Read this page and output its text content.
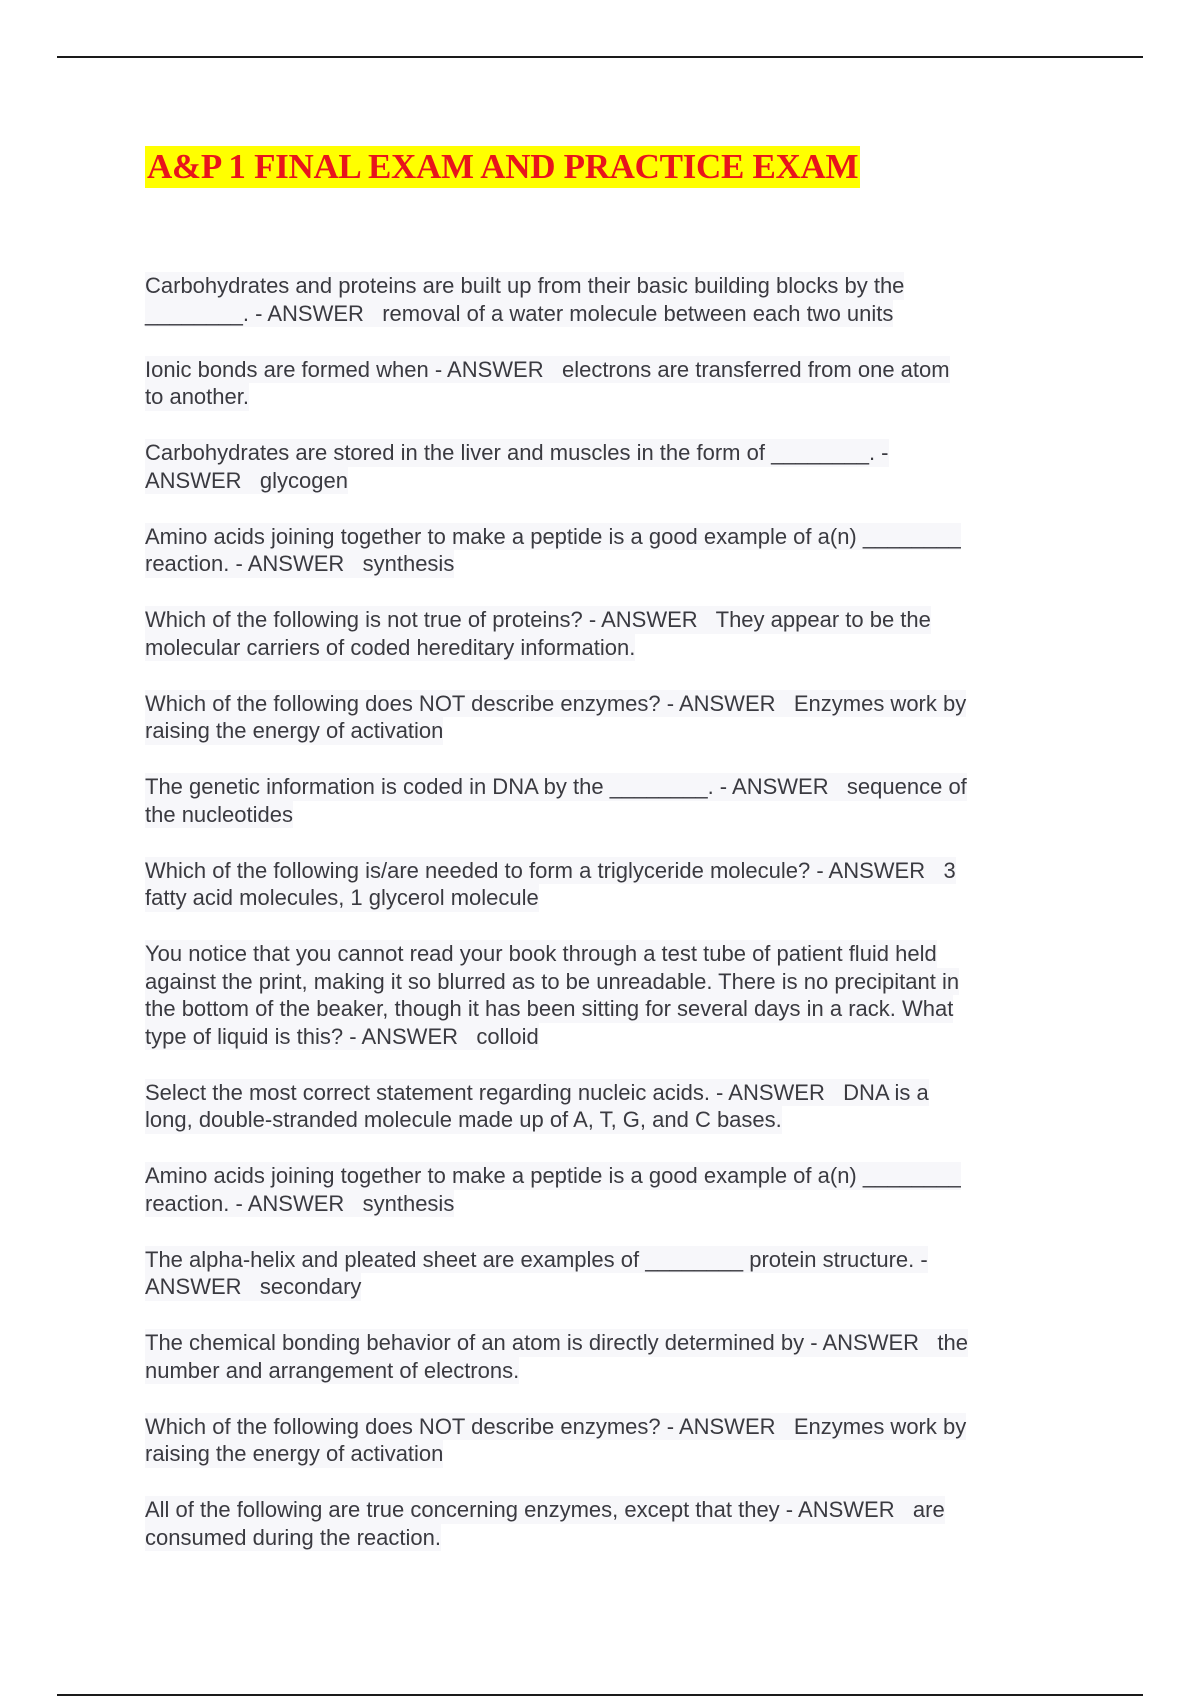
A&P 1 FINAL EXAM AND PRACTICE EXAM
Carbohydrates and proteins are built up from their basic building blocks by the
________. - ANSWER   removal of a water molecule between each two units
Ionic bonds are formed when - ANSWER   electrons are transferred from one atom
to another.
Carbohydrates are stored in the liver and muscles in the form of ________. -
ANSWER   glycogen
Amino acids joining together to make a peptide is a good example of a(n) ________
reaction. - ANSWER   synthesis
Which of the following is not true of proteins? - ANSWER   They appear to be the
molecular carriers of coded hereditary information.
Which of the following does NOT describe enzymes? - ANSWER   Enzymes work by
raising the energy of activation
The genetic information is coded in DNA by the ________. - ANSWER   sequence of
the nucleotides
Which of the following is/are needed to form a triglyceride molecule? - ANSWER   3
fatty acid molecules, 1 glycerol molecule
You notice that you cannot read your book through a test tube of patient fluid held
against the print, making it so blurred as to be unreadable. There is no precipitant in
the bottom of the beaker, though it has been sitting for several days in a rack. What
type of liquid is this? - ANSWER   colloid
Select the most correct statement regarding nucleic acids. - ANSWER   DNA is a
long, double-stranded molecule made up of A, T, G, and C bases.
Amino acids joining together to make a peptide is a good example of a(n) ________
reaction. - ANSWER   synthesis
The alpha-helix and pleated sheet are examples of ________ protein structure. -
ANSWER   secondary
The chemical bonding behavior of an atom is directly determined by - ANSWER   the
number and arrangement of electrons.
Which of the following does NOT describe enzymes? - ANSWER   Enzymes work by
raising the energy of activation
All of the following are true concerning enzymes, except that they - ANSWER   are
consumed during the reaction.
